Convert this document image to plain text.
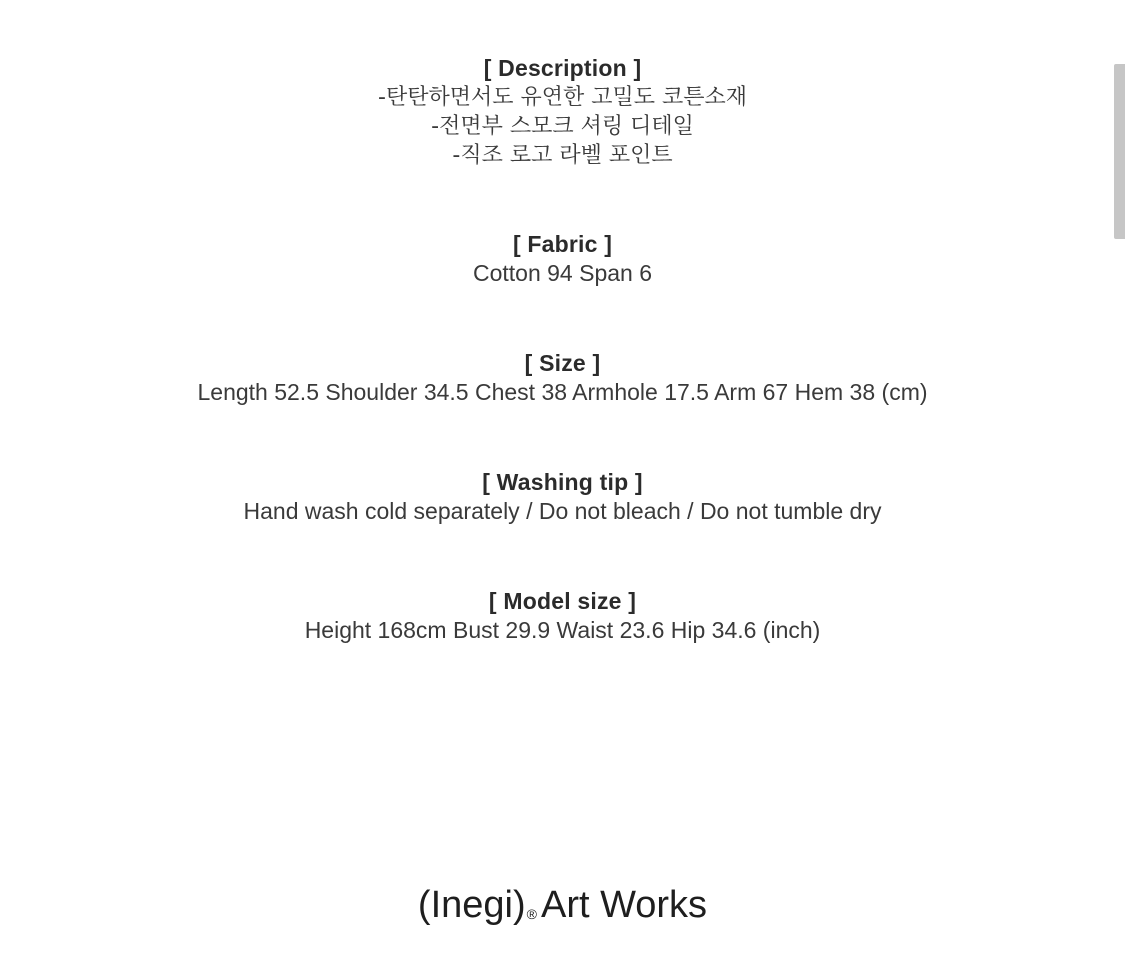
[ Description ]
-탄탄하면서도 유연한 고밀도 코튼소재
-전면부 스모크 셔링 디테일
-직조 로고 라벨 포인트
[ Fabric ]
Cotton 94 Span 6
[ Size ]
Length 52.5 Shoulder 34.5 Chest 38 Armhole 17.5 Arm 67 Hem 38 (cm)
[ Washing tip ]
Hand wash cold separately / Do not bleach / Do not tumble dry
[ Model size ]
Height 168cm Bust 29.9 Waist 23.6 Hip 34.6 (inch)
(Inegi)® Art Works
